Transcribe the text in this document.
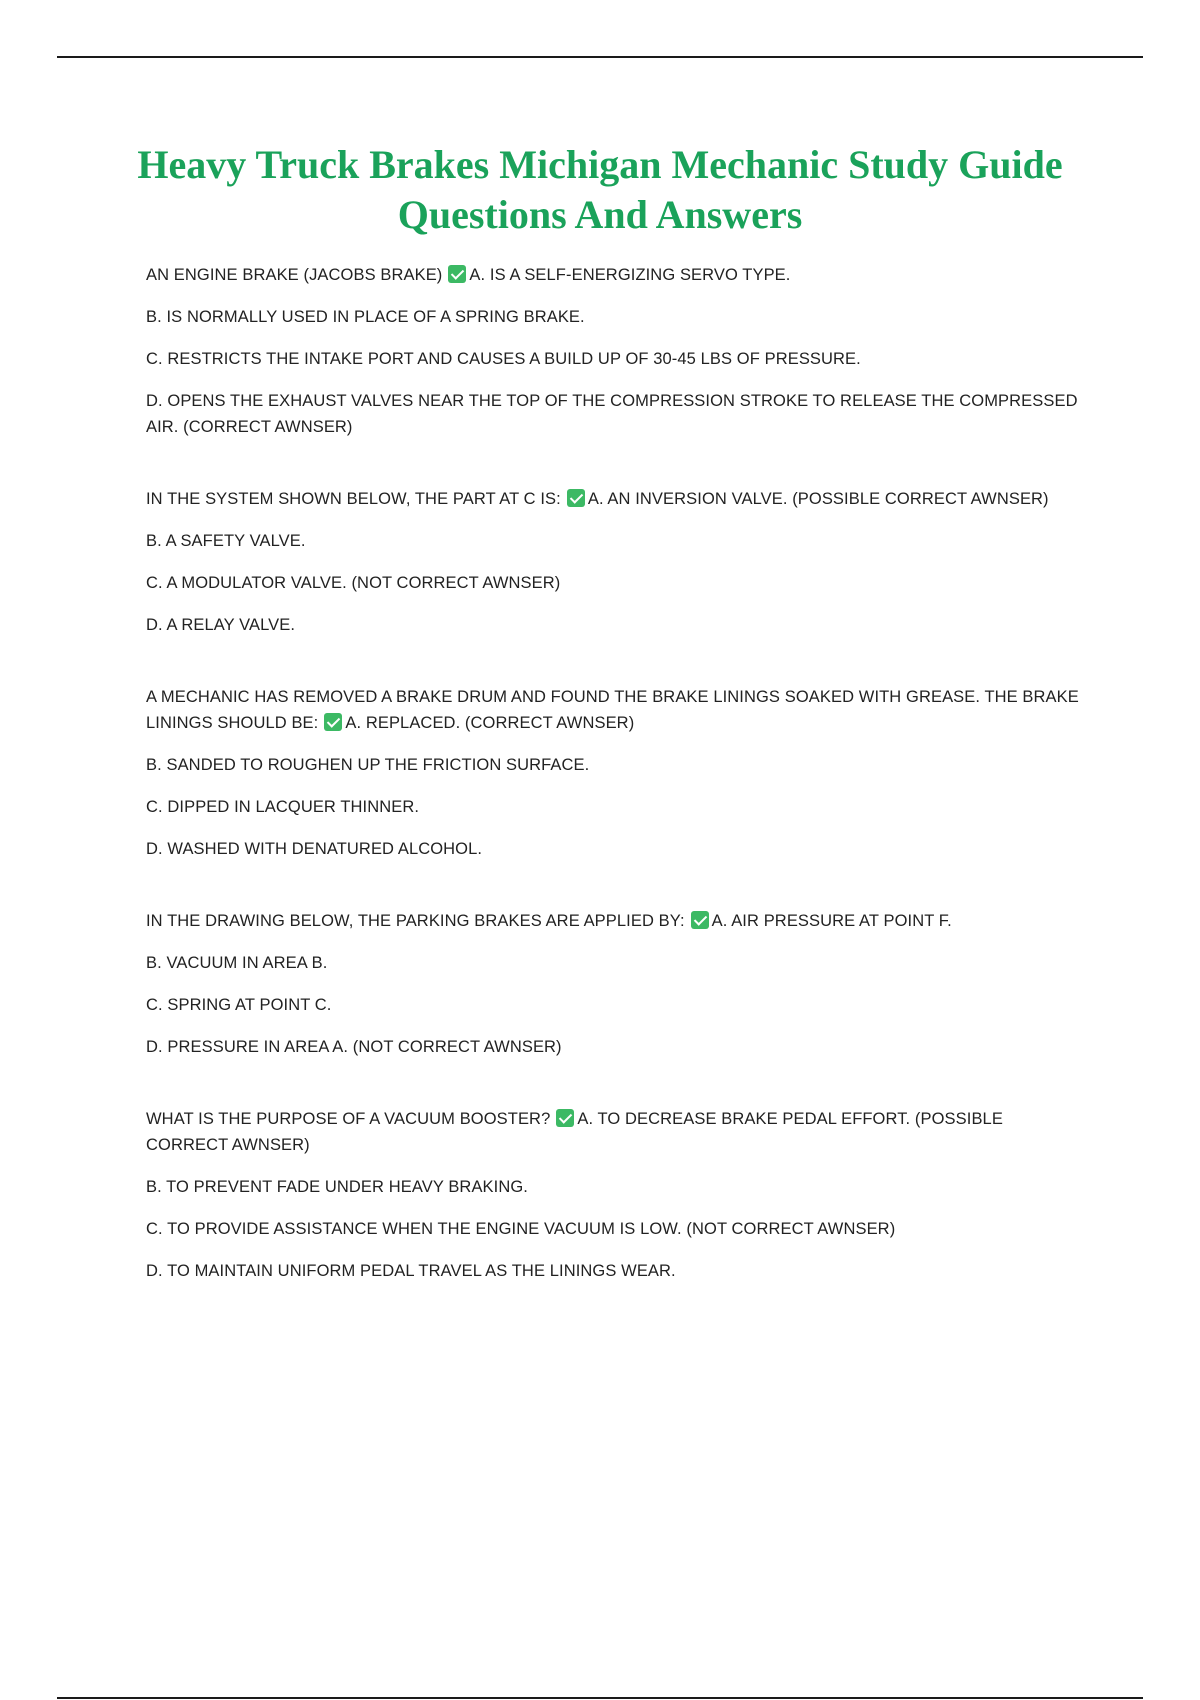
Heavy Truck Brakes Michigan Mechanic Study Guide Questions And Answers

AN ENGINE BRAKE (JACOBS BRAKE) A. IS A SELF-ENERGIZING SERVO TYPE.

B. IS NORMALLY USED IN PLACE OF A SPRING BRAKE.

C. RESTRICTS THE INTAKE PORT AND CAUSES A BUILD UP OF 30-45 LBS OF PRESSURE.

D. OPENS THE EXHAUST VALVES NEAR THE TOP OF THE COMPRESSION STROKE TO RELEASE THE COMPRESSED AIR. (CORRECT AWNSER)

IN THE SYSTEM SHOWN BELOW, THE PART AT C IS: A. AN INVERSION VALVE. (POSSIBLE CORRECT AWNSER)

B. A SAFETY VALVE.

C. A MODULATOR VALVE. (NOT CORRECT AWNSER)

D. A RELAY VALVE.

A MECHANIC HAS REMOVED A BRAKE DRUM AND FOUND THE BRAKE LININGS SOAKED WITH GREASE. THE BRAKE LININGS SHOULD BE: A. REPLACED. (CORRECT AWNSER)

B. SANDED TO ROUGHEN UP THE FRICTION SURFACE.

C. DIPPED IN LACQUER THINNER.

D. WASHED WITH DENATURED ALCOHOL.

IN THE DRAWING BELOW, THE PARKING BRAKES ARE APPLIED BY: A. AIR PRESSURE AT POINT F.

B. VACUUM IN AREA B.

C. SPRING AT POINT C.

D. PRESSURE IN AREA A. (NOT CORRECT AWNSER)

WHAT IS THE PURPOSE OF A VACUUM BOOSTER? A. TO DECREASE BRAKE PEDAL EFFORT. (POSSIBLE CORRECT AWNSER)

B. TO PREVENT FADE UNDER HEAVY BRAKING.

C. TO PROVIDE ASSISTANCE WHEN THE ENGINE VACUUM IS LOW. (NOT CORRECT AWNSER)

D. TO MAINTAIN UNIFORM PEDAL TRAVEL AS THE LININGS WEAR.
